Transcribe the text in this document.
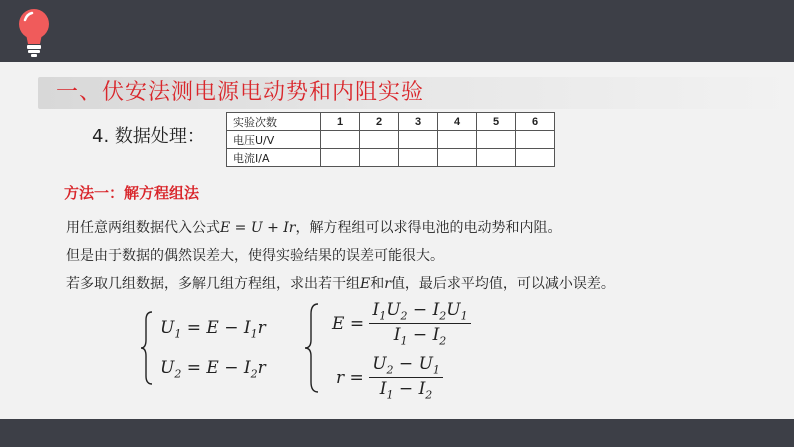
一、伏安法测电源电动势和内阻实验
4. 数据处理：
实验次数	1	2	3	4	5	6
电压U/V						
电流I/A						
方法一：解方程组法
用任意两组数据代入公式E = U + Ir，解方程组可以求得电池的电动势和内阻。
但是由于数据的偶然误差大，使得实验结果的误差可能很大。
若多取几组数据，多解几组方程组，求出若干组E和r值，最后求平均值，可以减小误差。
$U_1 = E - I_1r$
$U_2 = E - I_2r$
$E = \frac{I_1U_2 - I_2U_1}{I_1 - I_2}$
$r = \frac{U_2 - U_1}{I_1 - I_2}$
